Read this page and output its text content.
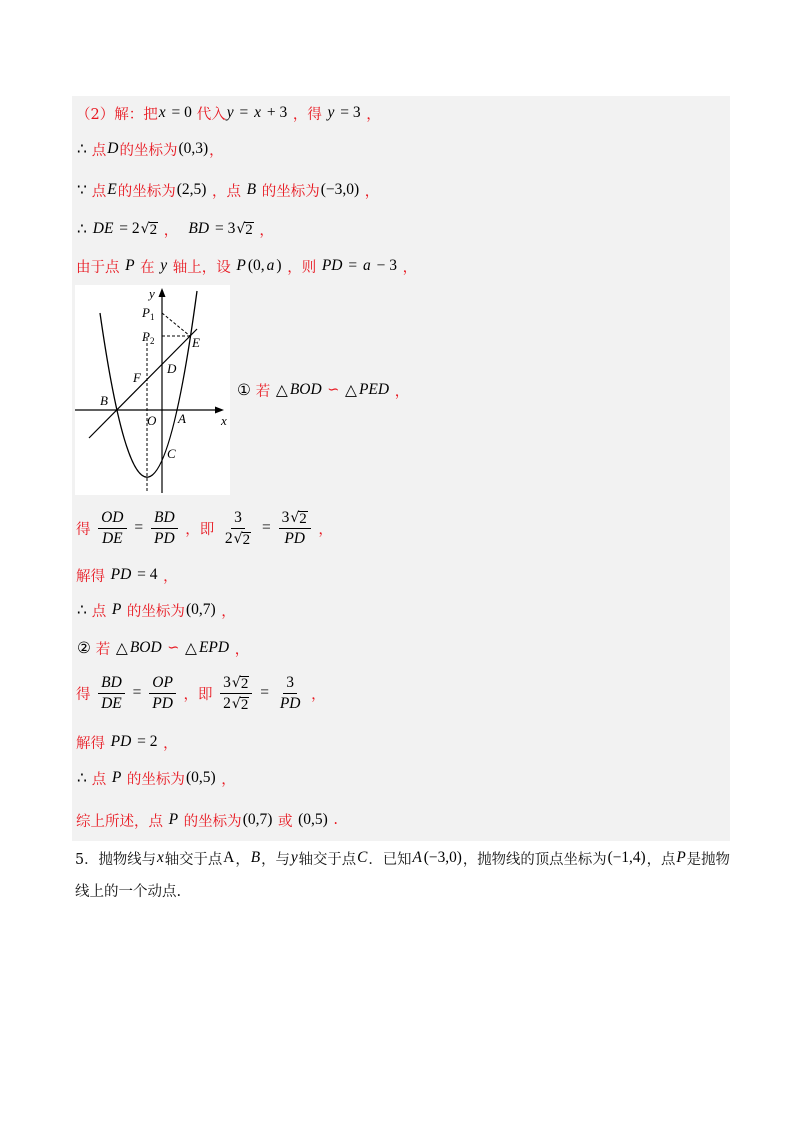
（2）解：把 x = 0 代入 y = x + 3 ，得 y = 3 ，
∴ 点 D 的坐标为 (0,3) ，
∵ 点 E 的坐标为 (2,5) ，点 B 的坐标为 (−3,0) ，
∴ DE = 2 √ 2 ， BD = 3 √ 2 ，
由于点 P 在 y 轴上，设 P (0, a ) ，则 PD = a − 3 ，
y
x
O A
B
C
D
E
F
$P_1$
$P_2$
① 若 △ BOD ∽ △ PED ，
得 $\frac{OD}{DE} = \frac{BD}{PD}$ ，即 $\frac{3}{2 √ 2} = \frac{3 √ 2}{PD}$ ，
解得 PD = 4 ，
∴ 点 P 的坐标为 (0,7) ，
② 若 △ BOD ∽ △ EPD ，
得 $\frac{BD}{DE} = \frac{OP}{PD}$ ，即 $\frac{3 √ 2}{2 √ 2} = \frac{3}{PD}$ ，
解得 PD = 2 ，
∴ 点 P 的坐标为 (0,5) ，
综上所述，点 P 的坐标为 (0,7) 或 (0,5) .
5．抛物线与 x 轴交于点 A ， B ，与 y 轴交于点 C ．已知 A (−3,0) ，抛物线的顶点坐标为 (−1,4) ，点 P 是抛物
线上的一个动点.
